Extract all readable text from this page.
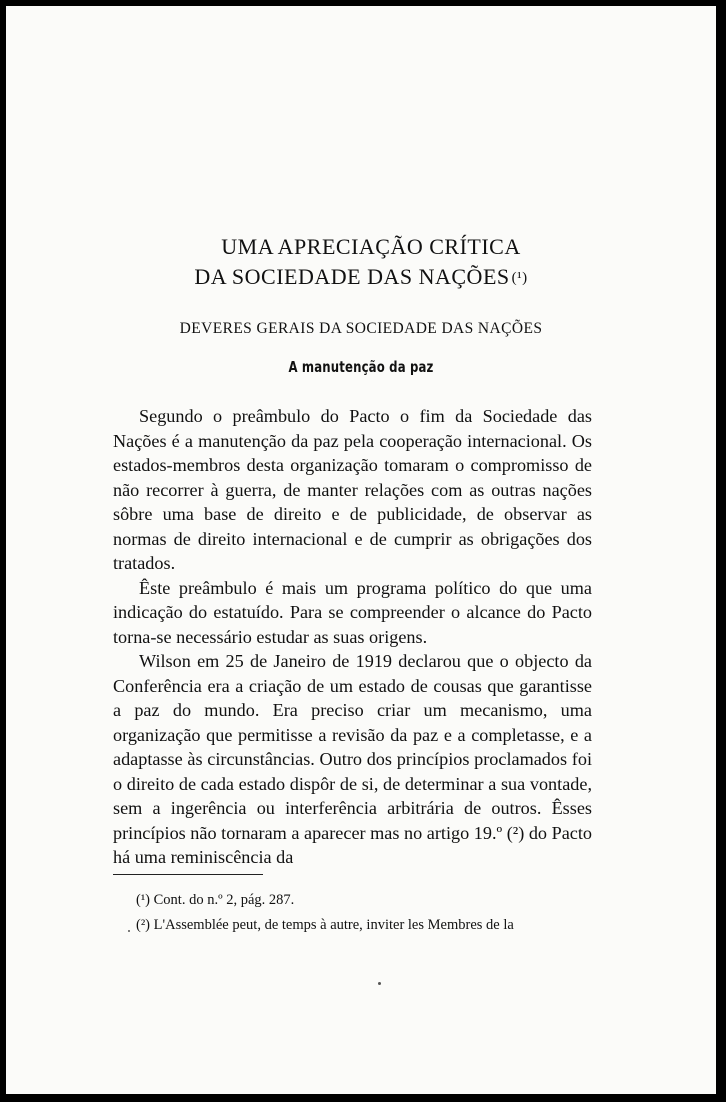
UMA APRECIAÇÃO CRÍTICA
DA SOCIEDADE DAS NAÇÕES (¹)
DEVERES GERAIS DA SOCIEDADE DAS NAÇÕES
A manutenção da paz

Segundo o preâmbulo do Pacto o fim da Sociedade das Nações é a manutenção da paz pela cooperação internacional. Os estados-membros desta organização tomaram o compromisso de não recorrer à guerra, de manter relações com as outras nações sôbre uma base de direito e de publicidade, de observar as normas de direito internacional e de cumprir as obrigações dos tratados.

Êste preâmbulo é mais um programa político do que uma indicação do estatuído. Para se compreender o alcance do Pacto torna-se necessário estudar as suas origens.

Wilson em 25 de Janeiro de 1919 declarou que o objecto da Conferência era a criação de um estado de cousas que garantisse a paz do mundo. Era preciso criar um mecanismo, uma organização que permitisse a revisão da paz e a completasse, e a adaptasse às circunstâncias. Outro dos princípios proclamados foi o direito de cada estado dispôr de si, de determinar a sua vontade, sem a ingerência ou interferência arbitrária de outros. Êsses princípios não tornaram a aparecer mas no artigo 19.º (²) do Pacto há uma reminiscência da

(¹) Cont. do n.º 2, pág. 287.
(²) L'Assemblée peut, de temps à autre, inviter les Membres de la
